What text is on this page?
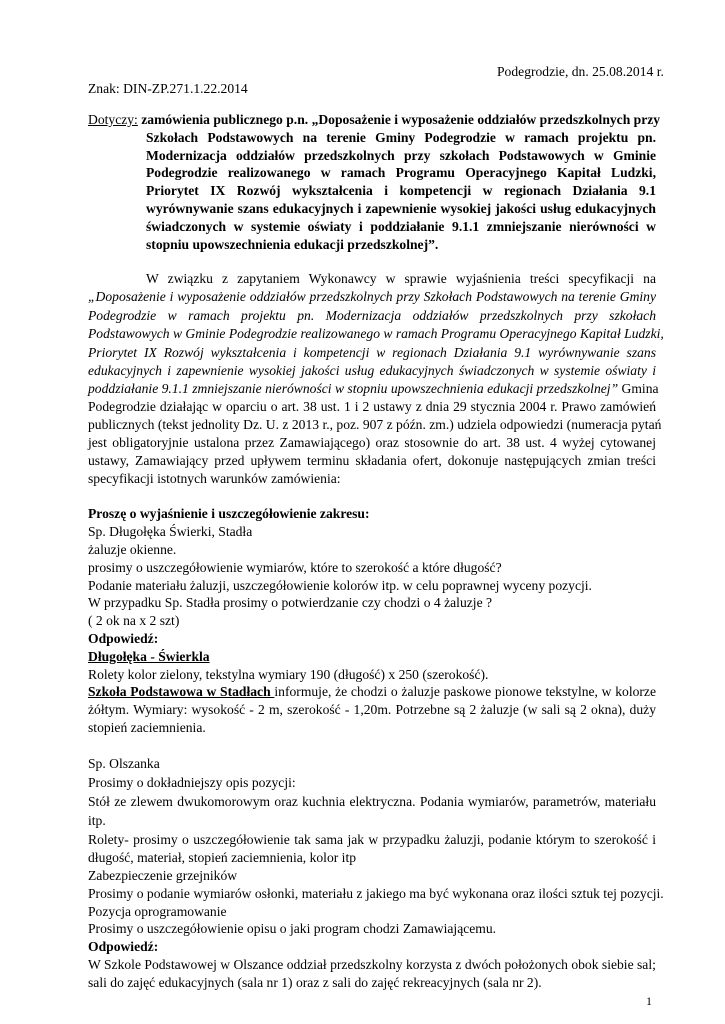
Podegrodzie, dn. 25.08.2014 r.
Znak: DIN-ZP.271.1.22.2014
Dotyczy: zamówienia publicznego p.n. „Doposażenie i wyposażenie oddziałów przedszkolnych przy
Szkołach Podstawowych na terenie Gminy Podegrodzie w ramach projektu pn.
Modernizacja oddziałów przedszkolnych przy szkołach Podstawowych w Gminie
Podegrodzie realizowanego w ramach Programu Operacyjnego Kapitał Ludzki,
Priorytet IX Rozwój wykształcenia i kompetencji w regionach Działania 9.1
wyrównywanie szans edukacyjnych i zapewnienie wysokiej jakości usług edukacyjnych
świadczonych w systemie oświaty i poddziałanie 9.1.1 zmniejszanie nierówności w
stopniu upowszechnienia edukacji przedszkolnej”.
W związku z zapytaniem Wykonawcy w sprawie wyjaśnienia treści specyfikacji na
„Doposażenie i wyposażenie oddziałów przedszkolnych przy Szkołach Podstawowych na terenie Gminy
Podegrodzie w ramach projektu pn. Modernizacja oddziałów przedszkolnych przy szkołach
Podstawowych w Gminie Podegrodzie realizowanego w ramach Programu Operacyjnego Kapitał Ludzki,
Priorytet IX Rozwój wykształcenia i kompetencji w regionach Działania 9.1 wyrównywanie szans
edukacyjnych i zapewnienie wysokiej jakości usług edukacyjnych świadczonych w systemie oświaty i
poddziałanie 9.1.1 zmniejszanie nierówności w stopniu upowszechnienia edukacji przedszkolnej” Gmina
Podegrodzie działając w oparciu o art. 38 ust. 1 i 2 ustawy z dnia 29 stycznia 2004 r. Prawo zamówień
publicznych (tekst jednolity Dz. U. z 2013 r., poz. 907 z późn. zm.) udziela odpowiedzi (numeracja pytań
jest obligatoryjnie ustalona przez Zamawiającego) oraz stosownie do art. 38 ust. 4 wyżej cytowanej
ustawy, Zamawiający przed upływem terminu składania ofert, dokonuje następujących zmian treści
specyfikacji istotnych warunków zamówienia:
Proszę o wyjaśnienie i uszczegółowienie zakresu:
Sp. Długołęka Świerki, Stadła
żaluzje okienne.
prosimy o uszczegółowienie wymiarów, które to szerokość a które długość?
Podanie materiału żaluzji, uszczegółowienie kolorów itp. w celu poprawnej wyceny pozycji.
W przypadku Sp. Stadła prosimy o potwierdzanie czy chodzi o 4 żaluzje ?
( 2 ok na x 2 szt)
Odpowiedź:
Długołęka - Świerkla
Rolety kolor zielony, tekstylna wymiary 190 (długość) x 250 (szerokość).
Szkoła Podstawowa w Stadłach informuje, że chodzi o żaluzje paskowe pionowe tekstylne, w kolorze
żółtym. Wymiary: wysokość - 2 m, szerokość - 1,20m. Potrzebne są 2 żaluzje (w sali są 2 okna), duży
stopień zaciemnienia.
Sp. Olszanka
Prosimy o dokładniejszy opis pozycji:
Stół ze zlewem dwukomorowym oraz kuchnia elektryczna. Podania wymiarów, parametrów, materiału
itp.
Rolety- prosimy o uszczegółowienie tak sama jak w przypadku żaluzji, podanie którym to szerokość i
długość, materiał, stopień zaciemnienia, kolor itp
Zabezpieczenie grzejników
Prosimy o podanie wymiarów osłonki, materiału z jakiego ma być wykonana oraz ilości sztuk tej pozycji.
Pozycja oprogramowanie
Prosimy o uszczegółowienie opisu o jaki program chodzi Zamawiającemu.
Odpowiedź:
W Szkole Podstawowej w Olszance oddział przedszkolny korzysta z dwóch położonych obok siebie sal;
sali do zajęć edukacyjnych (sala nr 1) oraz z sali do zajęć rekreacyjnych (sala nr 2).
1
